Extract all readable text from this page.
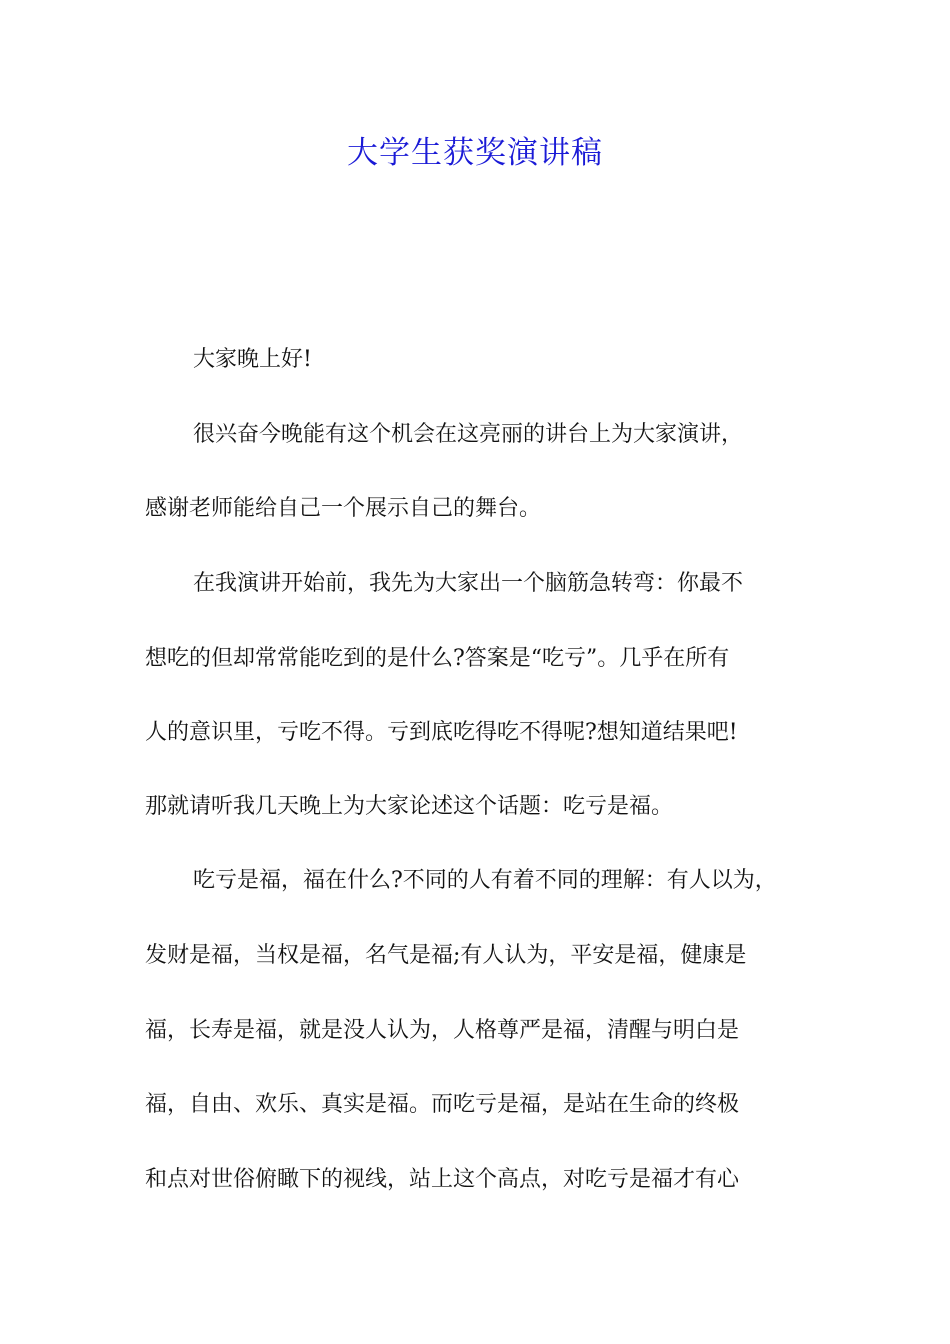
大学生获奖演讲稿
大家晚上好!
很兴奋今晚能有这个机会在这亮丽的讲台上为大家演讲，
感谢老师能给自己一个展示自己的舞台。
在我演讲开始前，我先为大家出一个脑筋急转弯：你最不
想吃的但却常常能吃到的是什么?答案是“吃亏”。几乎在所有
人的意识里，亏吃不得。亏到底吃得吃不得呢?想知道结果吧!
那就请听我几天晚上为大家论述这个话题：吃亏是福。
吃亏是福，福在什么?不同的人有着不同的理解：有人以为，
发财是福，当权是福，名气是福;有人认为，平安是福，健康是
福，长寿是福，就是没人认为，人格尊严是福，清醒与明白是
福，自由、欢乐、真实是福。而吃亏是福，是站在生命的终极
和点对世俗俯瞰下的视线，站上这个高点，对吃亏是福才有心
